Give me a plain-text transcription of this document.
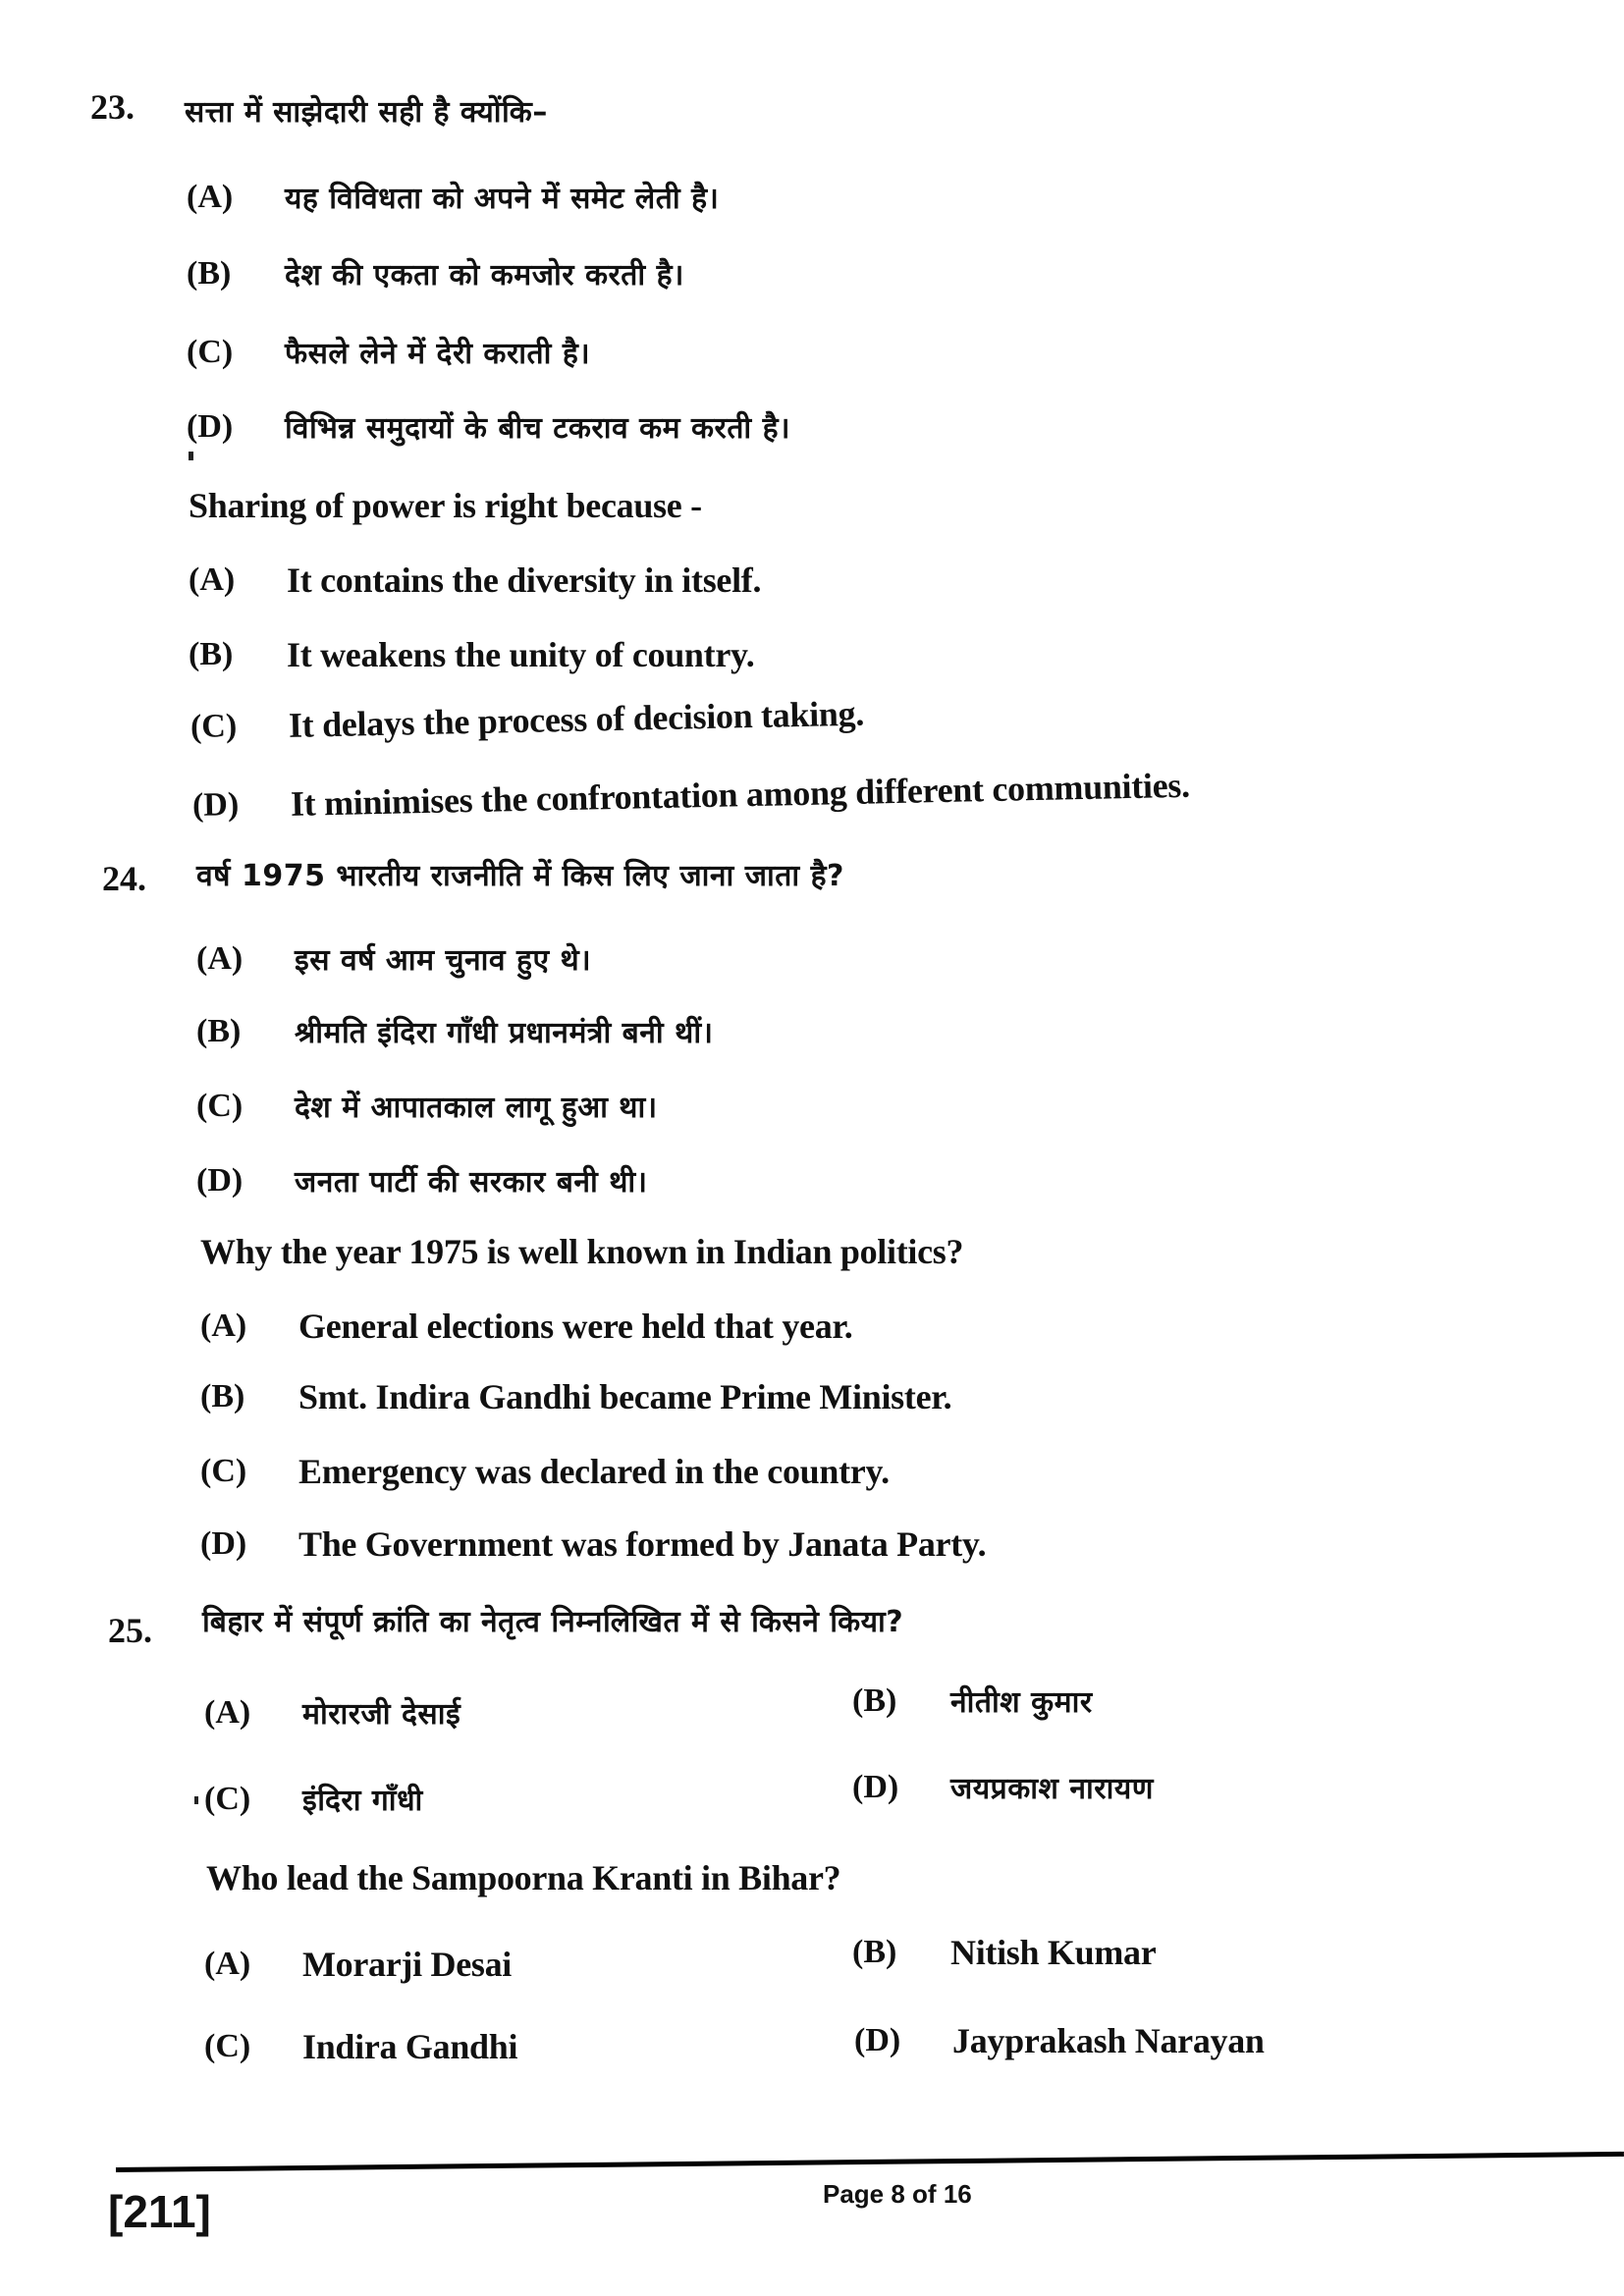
23. सत्ता में साझेदारी सही है क्योंकि–
(A)	यह विविधता को अपने में समेट लेती है।
(B)	देश की एकता को कमजोर करती है।
(C)	फैसले लेने में देरी कराती है।
(D)	विभिन्न समुदायों के बीच टकराव कम करती है।
Sharing of power is right because -
(A)	It contains the diversity in itself.
(B)	It weakens the unity of country.
(C)	It delays the process of decision taking.
(D)	It minimises the confrontation among different communities.
24. वर्ष 1975 भारतीय राजनीति में किस लिए जाना जाता है?
(A)	इस वर्ष आम चुनाव हुए थे।
(B)	श्रीमति इंदिरा गाँधी प्रधानमंत्री बनी थीं।
(C)	देश में आपातकाल लागू हुआ था।
(D)	जनता पार्टी की सरकार बनी थी।
Why the year 1975 is well known in Indian politics?
(A)	General elections were held that year.
(B)	Smt. Indira Gandhi became Prime Minister.
(C)	Emergency was declared in the country.
(D)	The Government was formed by Janata Party.
25. बिहार में संपूर्ण क्रांति का नेतृत्व निम्नलिखित में से किसने किया?
(A)	मोरारजी देसाई	(B)	नीतीश कुमार
(C)	इंदिरा गाँधी	(D)	जयप्रकाश नारायण
Who lead the Sampoorna Kranti in Bihar?
(A)	Morarji Desai	(B)	Nitish Kumar
(C)	Indira Gandhi	(D)	Jayprakash Narayan
[211]	Page 8 of 16
